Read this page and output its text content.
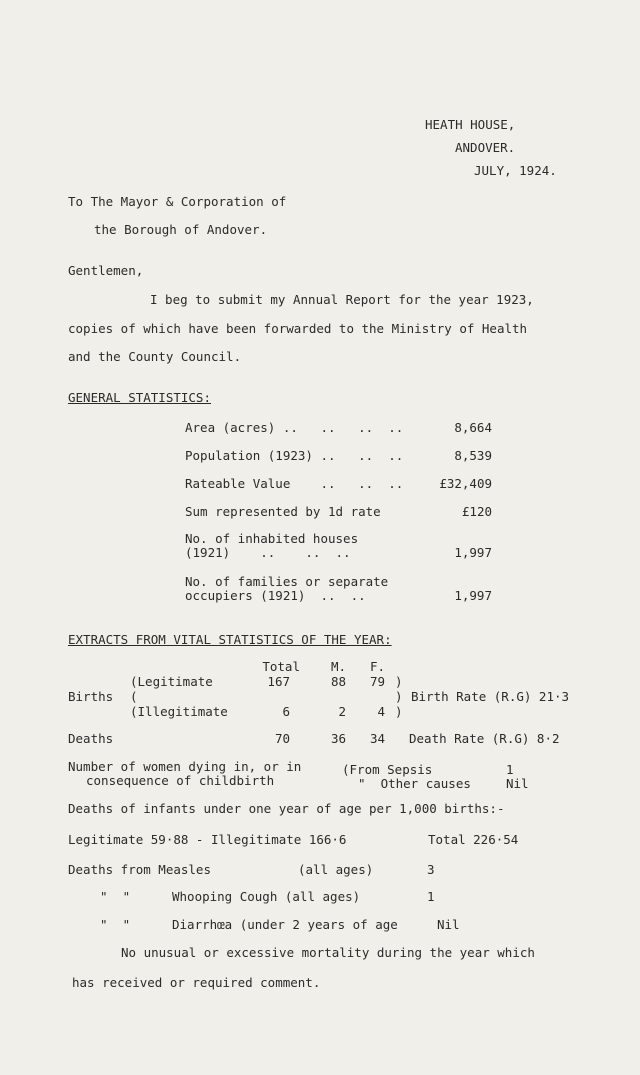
HEATH HOUSE,
ANDOVER.
JULY, 1924.
To The Mayor & Corporation of
the Borough of Andover.
Gentlemen,
I beg to submit my Annual Report for the year 1923,
copies of which have been forwarded to the Ministry of Health
and the County Council.
GENERAL STATISTICS:
Area (acres) ..   ..   ..  ..	8,664
Population (1923) ..   ..  ..	8,539
Rateable Value    ..   ..  ..	£32,409
Sum represented by 1d rate	£120
No. of inhabited houses
(1921)    ..    ..  ..	1,997
No. of families or separate
occupiers (1921)  ..  ..	1,997
EXTRACTS FROM VITAL STATISTICS OF THE YEAR:
Total	M.	F.
(Legitimate	167	88	79 )
Births (	) Birth Rate (R.G) 21·3
(Illegitimate	6	2	4 )
Deaths	70	36	34 Death Rate (R.G) 8·2
Number of women dying in, or in
consequence of childbirth
(From Sepsis	1
"  Other causes	Nil
Deaths of infants under one year of age per 1,000 births:-
Legitimate 59·88 - Illegitimate 166·6	Total 226·54
Deaths from Measles	(all ages)	3
"  "	Whooping Cough (all ages)	1
"  "	Diarrhœa (under 2 years of age	Nil
No unusual or excessive mortality during the year which
has received or required comment.
